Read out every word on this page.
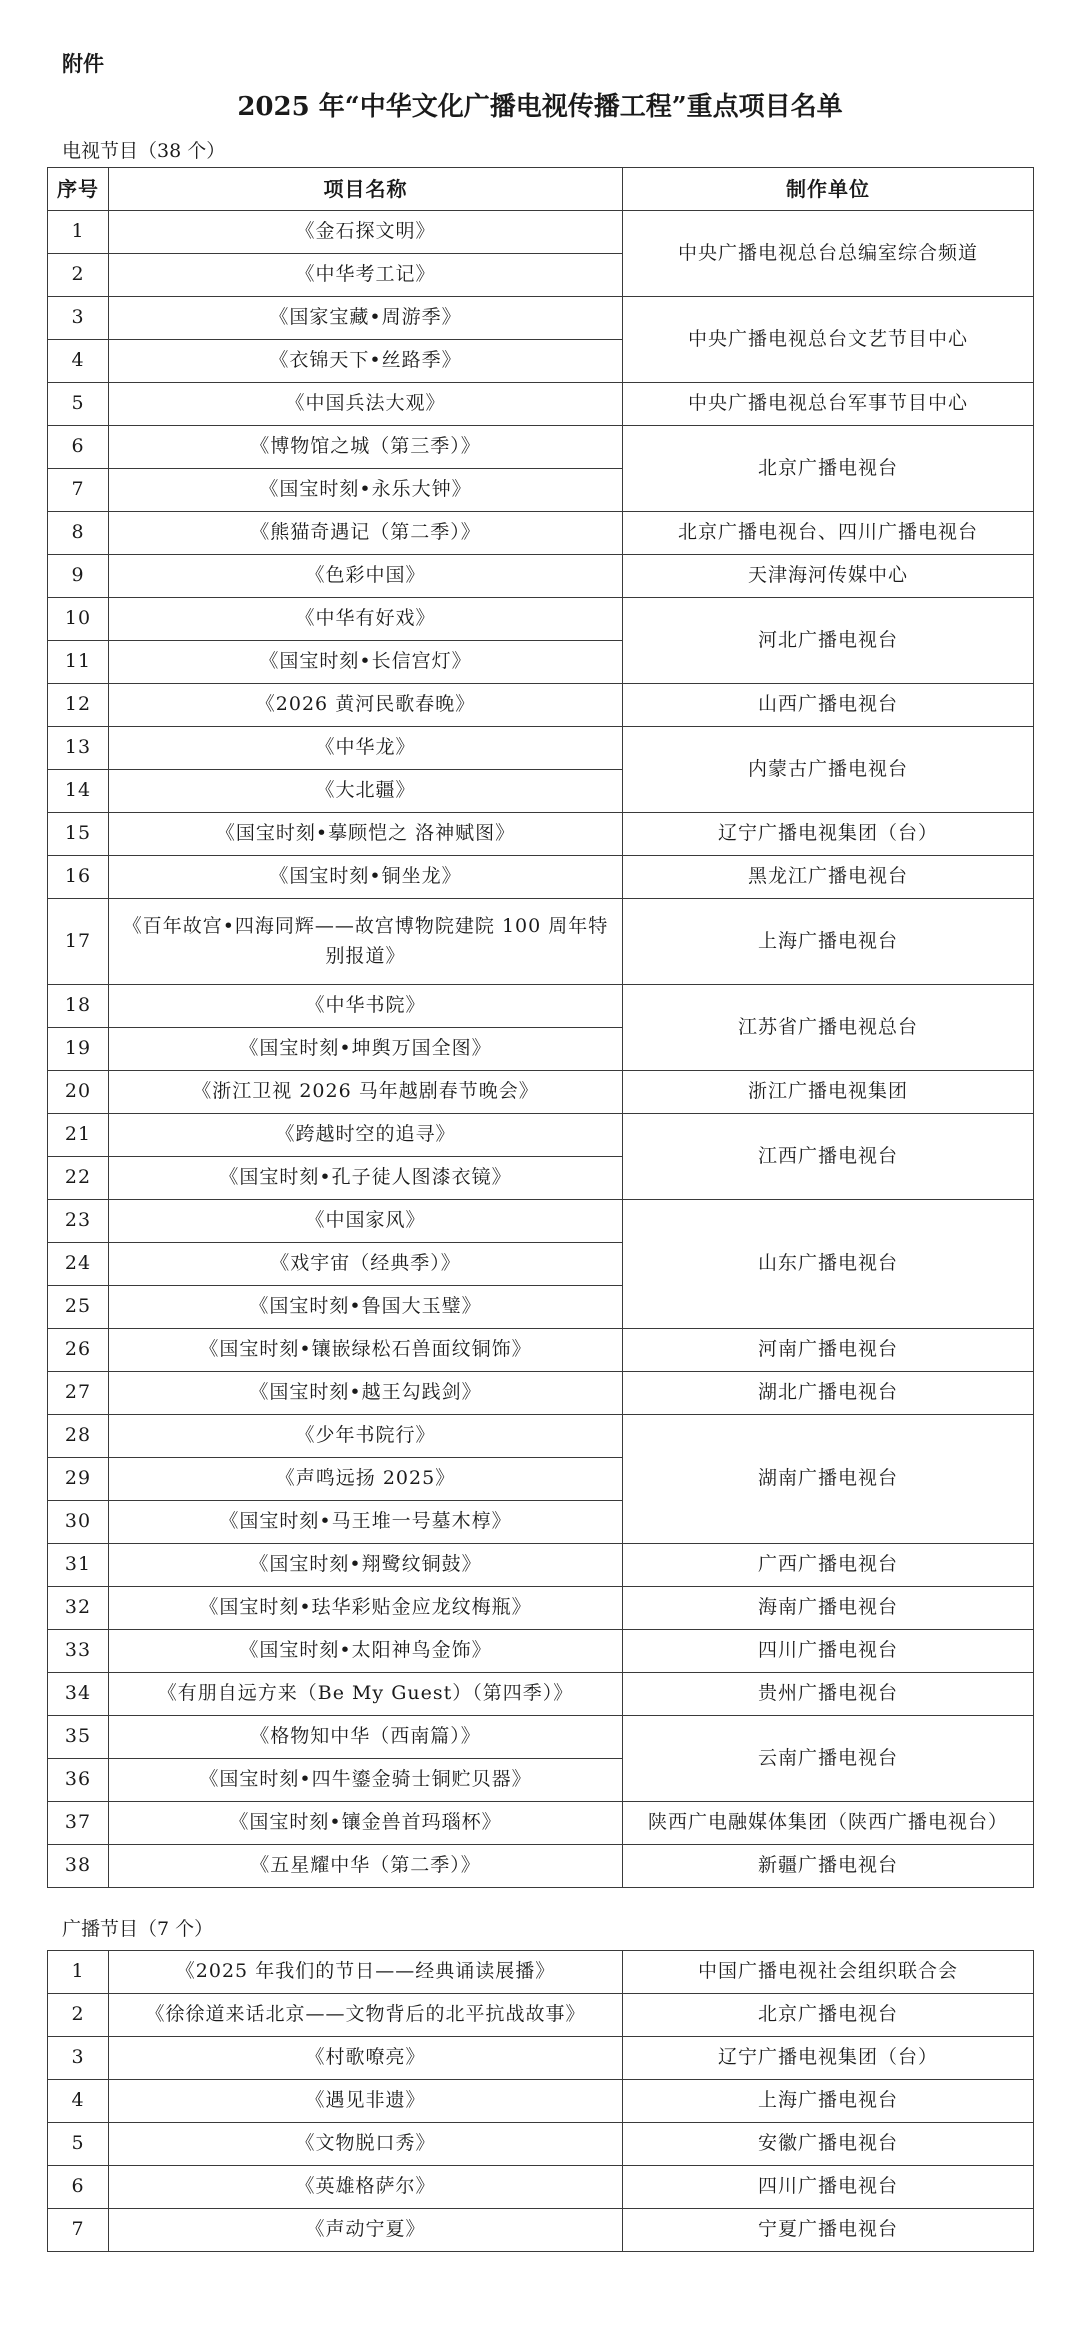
附件
2025 年“中华文化广播电视传播工程”重点项目名单
电视节目（38 个）
序号	项目名称	制作单位
1	《金石探文明》	中央广播电视总台总编室综合频道
2	《中华考工记》	
3	《国家宝藏•周游季》	中央广播电视总台文艺节目中心
4	《衣锦天下•丝路季》	
5	《中国兵法大观》	中央广播电视总台军事节目中心
6	《博物馆之城（第三季）》	北京广播电视台
7	《国宝时刻•永乐大钟》	
8	《熊猫奇遇记（第二季）》	北京广播电视台、四川广播电视台
9	《色彩中国》	天津海河传媒中心
10	《中华有好戏》	河北广播电视台
11	《国宝时刻•长信宫灯》	
12	《2026 黄河民歌春晚》	山西广播电视台
13	《中华龙》	内蒙古广播电视台
14	《大北疆》	
15	《国宝时刻•摹顾恺之 洛神赋图》	辽宁广播电视集团（台）
16	《国宝时刻•铜坐龙》	黑龙江广播电视台
17	《百年故宫•四海同辉——故宫博物院建院 100 周年特别报道》	上海广播电视台
18	《中华书院》	江苏省广播电视总台
19	《国宝时刻•坤舆万国全图》	
20	《浙江卫视 2026 马年越剧春节晚会》	浙江广播电视集团
21	《跨越时空的追寻》	江西广播电视台
22	《国宝时刻•孔子徒人图漆衣镜》	
23	《中国家风》	山东广播电视台
24	《戏宇宙（经典季）》	
25	《国宝时刻•鲁国大玉璧》	
26	《国宝时刻•镶嵌绿松石兽面纹铜饰》	河南广播电视台
27	《国宝时刻•越王勾践剑》	湖北广播电视台
28	《少年书院行》	湖南广播电视台
29	《声鸣远扬 2025》	
30	《国宝时刻•马王堆一号墓木椁》	
31	《国宝时刻•翔鹭纹铜鼓》	广西广播电视台
32	《国宝时刻•珐华彩贴金应龙纹梅瓶》	海南广播电视台
33	《国宝时刻•太阳神鸟金饰》	四川广播电视台
34	《有朋自远方来（Be My Guest）（第四季）》	贵州广播电视台
35	《格物知中华（西南篇）》	云南广播电视台
36	《国宝时刻•四牛鎏金骑士铜贮贝器》	
37	《国宝时刻•镶金兽首玛瑙杯》	陕西广电融媒体集团（陕西广播电视台）
38	《五星耀中华（第二季）》	新疆广播电视台
广播节目（7 个）
1	《2025 年我们的节日——经典诵读展播》	中国广播电视社会组织联合会
2	《徐徐道来话北京——文物背后的北平抗战故事》	北京广播电视台
3	《村歌嘹亮》	辽宁广播电视集团（台）
4	《遇见非遗》	上海广播电视台
5	《文物脱口秀》	安徽广播电视台
6	《英雄格萨尔》	四川广播电视台
7	《声动宁夏》	宁夏广播电视台
